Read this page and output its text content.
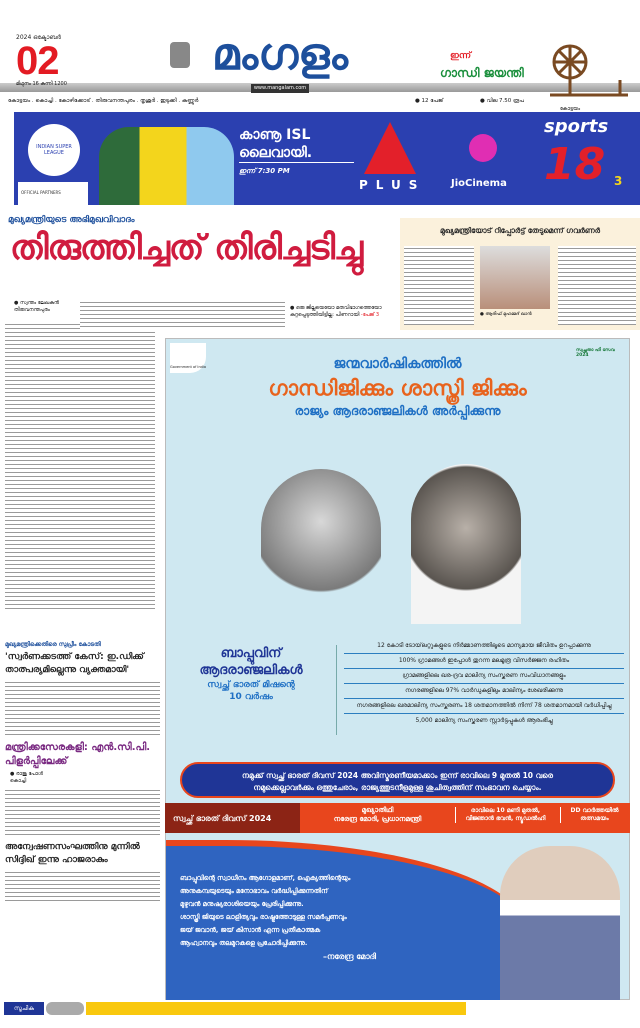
2024 ഒക്ടോബർ
02
മിഥുനം 16 കന്നി 1200
മംഗളം
www.mangalam.com
ഇന്ന്
ഗാന്ധി ജയന്തി
കോട്ടയം
കോട്ടയം . കൊച്ചി . കോഴിക്കോട് . തിരുവനന്തപുരം . തൃശൂർ . ഇടുക്കി . കണ്ണൂർ	● 12 പേജ്	● വില 7.50 രൂപ
INDIAN SUPER LEAGUE
OFFICIAL PARTNERS
കാണൂ ISL
ലൈവായി.
ഇന്ന് 7:30 PM
PLUS	JioCinema
sports
18 3
മുഖ്യമന്ത്രിയുടെ അഭിമുഖവിവാദം
തിരുത്തിച്ചത് തിരിച്ചടിച്ചു
● സ്വന്തം ലേഖകൻ
തിരുവനന്തപുരം	● ഒരു ജില്ലയെയോ മതവിഭാഗത്തെയോ കുറ്റപ്പെടുത്തിയിട്ടില്ല: പിണറായി -പേജ് 3
മുഖ്യമന്ത്രിയോട് റിപ്പോർട്ട് തേടുമെന്ന് ഗവർണർ
● ആരിഫ് മുഹമ്മദ് ഖാൻ
മുഖ്യമന്ത്രിക്കെതിരെ സുപ്രീം കോടതി
'സ്വർണക്കടത്ത് കേസ്: ഇ.ഡിക്ക് താത്പര്യമില്ലെന്നു വ്യക്തമായി'
മന്ത്രിക്കസേരകളി: എൻ.സി.പി. പിളർപ്പിലേക്ക്
● രാജു പോൾ
കൊച്ചി
അന്വേഷണസംഘത്തിനു മുന്നിൽ സിദ്ദിഖ് ഇന്നു ഹാജരാകും
Government of India
സ്വച്ഛതാ ഹി സേവ 2024
ജന്മവാർഷികത്തിൽ
ഗാന്ധിജിക്കും ശാസ്ത്രി ജിക്കും
രാജ്യം ആദരാഞ്ജലികൾ അർപ്പിക്കുന്നു
ബാപ്പുവിന്
ആദരാഞ്ജലികൾ
സ്വച്ഛ് ഭാരത് മിഷന്റെ
10 വർഷം
12 കോടി ടോയ്‌ലറ്റുകളുടെ നിർമ്മാണത്തിലൂടെ മാന്യമായ ജീവിതം ഉറപ്പാക്കുന്നു
100% ഗ്രാമങ്ങൾ ഇപ്പോൾ തുറന്ന മലമൂത്ര വിസർജ്ജന രഹിതം
ഗ്രാമങ്ങളിലെ ഖര-ദ്രവ മാലിന്യ സംസ്കരണ സംവിധാനങ്ങളും
നഗരങ്ങളിലെ 97% വാർഡുകളിലും മാലിന്യം ശേഖരിക്കുന്നു
നഗരങ്ങളിലെ ഖരമാലിന്യ സംസ്കരണം 18 ശതമാനത്തിൽ നിന്ന് 78 ശതമാനമായി വർധിപ്പിച്ചു
5,000 മാലിന്യ സംസ്കരണ സ്റ്റാർട്ടപ്പുകൾ ആരംഭിച്ചു
നമുക്ക് സ്വച്ഛ് ഭാരത് ദിവസ് 2024 അവിസ്മരണീയമാക്കാം ഇന്ന് രാവിലെ 9 മുതൽ 10 വരെ
നമുക്കെല്ലാവർക്കും ഒത്തുചേരാം, രാജ്യത്തുടനീളമുള്ള ശുചിത്വത്തിന് സംഭാവന ചെയ്യാം.
സ്വച്ഛ് ഭാരത് ദിവസ് 2024
മുഖ്യാതിഥി
നരേന്ദ്ര മോദി, പ്രധാനമന്ത്രി
രാവിലെ 10 മണി മുതൽ,
വിജ്ഞാൻ ഭവൻ, ന്യൂഡൽഹി
DD വാർത്തയിൽ
തത്സമയം
ബാപ്പുവിന്റെ സ്വാധീനം ആഗോളമാണ്, ഐക്യത്തിന്റെയും
അനുകമ്പയുടെയും മനോഭാവം വർദ്ധിപ്പിക്കുന്നതിന്
മുഴുവൻ മനുഷ്യരാശിയെയും പ്രേരിപ്പിക്കുന്നു.
ശാസ്ത്രി ജിയുടെ ലാളിത്യവും രാഷ്ട്രത്തോടുള്ള സമർപ്പണവും
ജയ് ജവാൻ, ജയ് കിസാൻ എന്ന പ്രതീകാത്മക
ആഹ്വാനവും തലമുറകളെ പ്രചോദിപ്പിക്കുന്നു.
–നരേന്ദ്ര മോദി
സൂചിക
